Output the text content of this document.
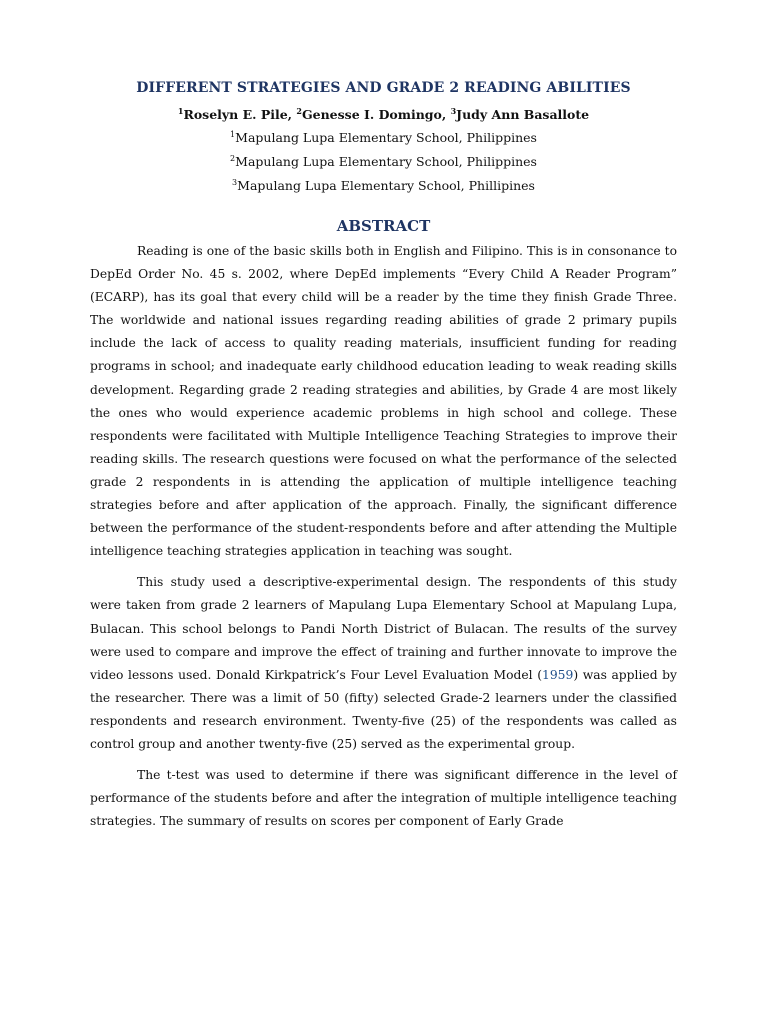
DIFFERENT STRATEGIES AND GRADE 2 READING ABILITIES

$^1$Roselyn E. Pile, $^2$Genesse I. Domingo, $^3$Judy Ann Basallote

$^1$Mapulang Lupa Elementary School, Philippines

$^2$Mapulang Lupa Elementary School, Philippines

$^3$Mapulang Lupa Elementary School, Phillipines

ABSTRACT

Reading is one of the basic skills both in English and Filipino. This is in consonance to DepEd Order No. 45 s. 2002, where DepEd implements “Every Child A Reader Program” (ECARP), has its goal that every child will be a reader by the time they finish Grade Three. The worldwide and national issues regarding reading abilities of grade 2 primary pupils include the lack of access to quality reading materials, insufficient funding for reading programs in school; and inadequate early childhood education leading to weak reading skills development. Regarding grade 2 reading strategies and abilities, by Grade 4 are most likely the ones who would experience academic problems in high school and college. These respondents were facilitated with Multiple Intelligence Teaching Strategies to improve their reading skills. The research questions were focused on what the performance of the selected grade 2 respondents in is attending the application of multiple intelligence teaching strategies before and after application of the approach. Finally, the significant difference between the performance of the student-respondents before and after attending the Multiple intelligence teaching strategies application in teaching was sought.

This study used a descriptive-experimental design. The respondents of this study were taken from grade 2 learners of Mapulang Lupa Elementary School at Mapulang Lupa, Bulacan. This school belongs to Pandi North District of Bulacan. The results of the survey were used to compare and improve the effect of training and further innovate to improve the video lessons used. Donald Kirkpatrick’s Four Level Evaluation Model (1959) was applied by the researcher. There was a limit of 50 (fifty) selected Grade-2 learners under the classified respondents and research environment. Twenty-five (25) of the respondents was called as control group and another twenty-five (25) served as the experimental group.

The t-test was used to determine if there was significant difference in the level of performance of the students before and after the integration of multiple intelligence teaching strategies. The summary of results on scores per component of Early Grade
